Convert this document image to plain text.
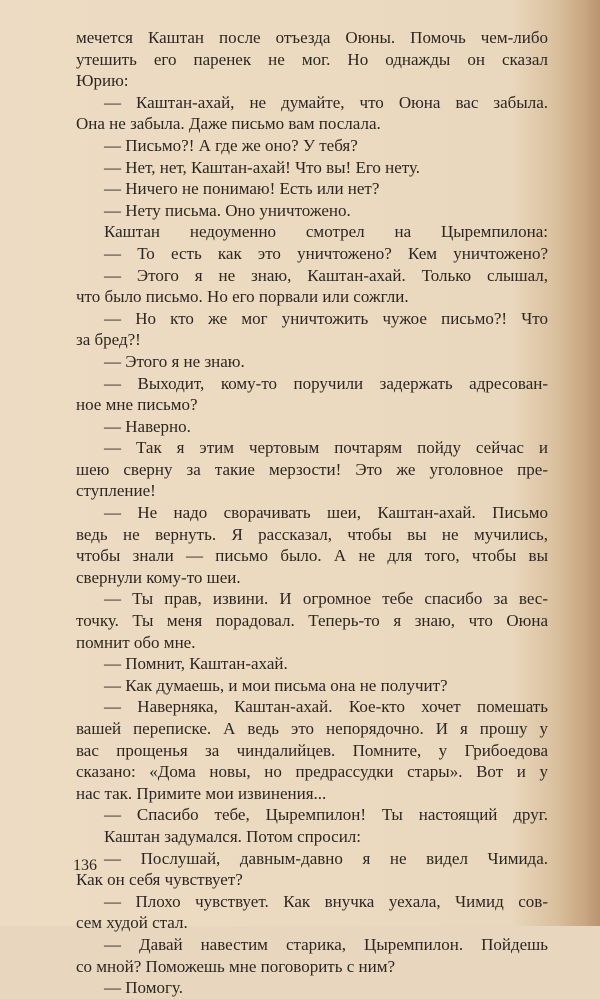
мечется Каштан после отъезда Оюны. Помочь чем-либо
утешить его паренек не мог. Но однажды он сказал
Юрию:
— Каштан-ахай, не думайте, что Оюна вас забыла.
Она не забыла. Даже письмо вам послала.
— Письмо?! А где же оно? У тебя?
— Нет, нет, Каштан-ахай! Что вы! Его нету.
— Ничего не понимаю! Есть или нет?
— Нету письма. Оно уничтожено.
Каштан недоуменно смотрел на Цыремпилона:
— То есть как это уничтожено? Кем уничтожено?
— Этого я не знаю, Каштан-ахай. Только слышал,
что было письмо. Но его порвали или сожгли.
— Но кто же мог уничтожить чужое письмо?! Что
за бред?!
— Этого я не знаю.
— Выходит, кому-то поручили задержать адресован-
ное мне письмо?
— Наверно.
— Так я этим чертовым почтарям пойду сейчас и
шею сверну за такие мерзости! Это же уголовное пре-
ступление!
— Не надо сворачивать шеи, Каштан-ахай. Письмо
ведь не вернуть. Я рассказал, чтобы вы не мучились,
чтобы знали — письмо было. А не для того, чтобы вы
свернули кому-то шеи.
— Ты прав, извини. И огромное тебе спасибо за вес-
точку. Ты меня порадовал. Теперь-то я знаю, что Оюна
помнит обо мне.
— Помнит, Каштан-ахай.
— Как думаешь, и мои письма она не получит?
— Наверняка, Каштан-ахай. Кое-кто хочет помешать
вашей переписке. А ведь это непорядочно. И я прошу у
вас прощенья за чиндалийцев. Помните, у Грибоедова
сказано: «Дома новы, но предрассудки стары». Вот и у
нас так. Примите мои извинения...
— Спасибо тебе, Цыремпилон! Ты настоящий друг.
Каштан задумался. Потом спросил:
— Послушай, давным-давно я не видел Чимида.
Как он себя чувствует?
— Плохо чувствует. Как внучка уехала, Чимид сов-
сем худой стал.
— Давай навестим старика, Цыремпилон. Пойдешь
со мной? Поможешь мне поговорить с ним?
— Помогу.
136
